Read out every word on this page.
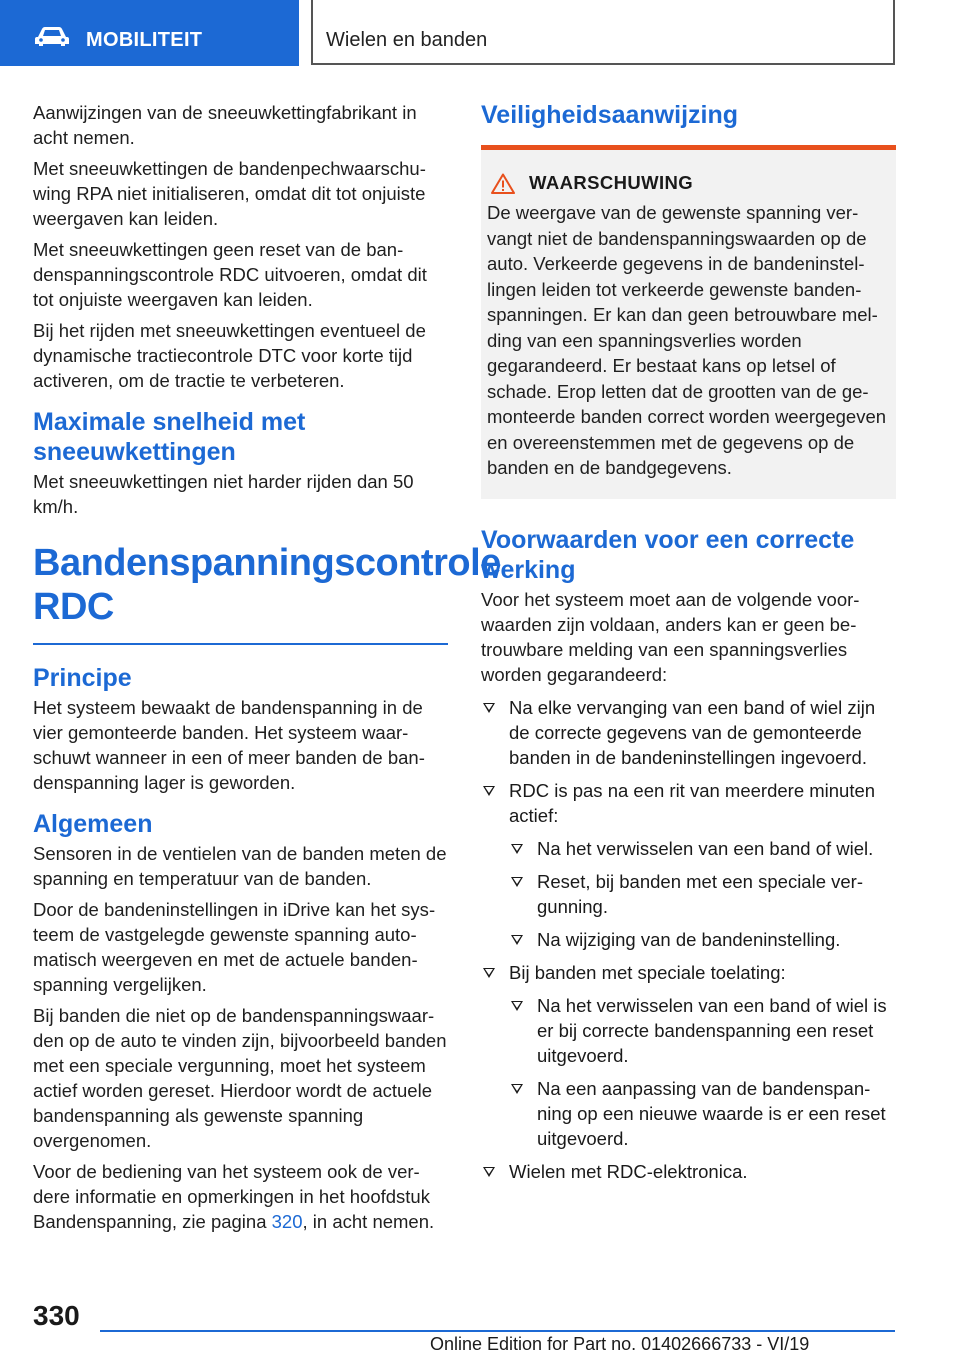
MOBILITEIT	Wielen en banden

Aanwijzingen van de sneeuwkettingfabrikant in acht nemen.

Met sneeuwkettingen de bandenpechwaarschuwing RPA niet initialiseren, omdat dit tot onjuiste weergaven kan leiden.

Met sneeuwkettingen geen reset van de bandenspanningscontrole RDC uitvoeren, omdat dit tot onjuiste weergaven kan leiden.

Bij het rijden met sneeuwkettingen eventueel de dynamische tractiecontrole DTC voor korte tijd activeren, om de tractie te verbeteren.

Maximale snelheid met sneeuwkettingen

Met sneeuwkettingen niet harder rijden dan 50 km/h.

Bandenspanningscontrole RDC
Principe

Het systeem bewaakt de bandenspanning in de vier gemonteerde banden. Het systeem waarschuwt wanneer in een of meer banden de bandenspanning lager is geworden.

Algemeen

Sensoren in de ventielen van de banden meten de spanning en temperatuur van de banden.

Door de bandeninstellingen in iDrive kan het systeem de vastgelegde gewenste spanning automatisch weergeven en met de actuele bandenspanning vergelijken.

Bij banden die niet op de bandenspanningswaarden op de auto te vinden zijn, bijvoorbeeld banden met een speciale vergunning, moet het systeem actief worden gereset. Hierdoor wordt de actuele bandenspanning als gewenste spanning overgenomen.

Voor de bediening van het systeem ook de verdere informatie en opmerkingen in het hoofdstuk Bandenspanning, zie pagina 320, in acht nemen.

Veiligheidsaanwijzing
WAARSCHUWING

De weergave van de gewenste spanning vervangt niet de bandenspanningswaarden op de auto. Verkeerde gegevens in de bandeninstellingen leiden tot verkeerde gewenste bandenspanningen. Er kan dan geen betrouwbare melding van een spanningsverlies worden gegarandeerd. Er bestaat kans op letsel of schade. Erop letten dat de grootten van de gemonteerde banden correct worden weergegeven en overeenstemmen met de gegevens op de banden en de bandgegevens.

Voorwaarden voor een correcte werking

Voor het systeem moet aan de volgende voorwaarden zijn voldaan, anders kan er geen betrouwbare melding van een spanningsverlies worden gegarandeerd:

Na elke vervanging van een band of wiel zijn de correcte gegevens van de gemonteerde banden in de bandeninstellingen ingevoerd.
RDC is pas na een rit van meerdere minuten actief:
Na het verwisselen van een band of wiel.
Reset, bij banden met een speciale vergunning.
Na wijziging van de bandeninstelling.
Bij banden met speciale toelating:
Na het verwisselen van een band of wiel is er bij correcte bandenspanning een reset uitgevoerd.
Na een aanpassing van de bandenspanning op een nieuwe waarde is er een reset uitgevoerd.
Wielen met RDC-elektronica.
330
Online Edition for Part no. 01402666733 - VI/19
